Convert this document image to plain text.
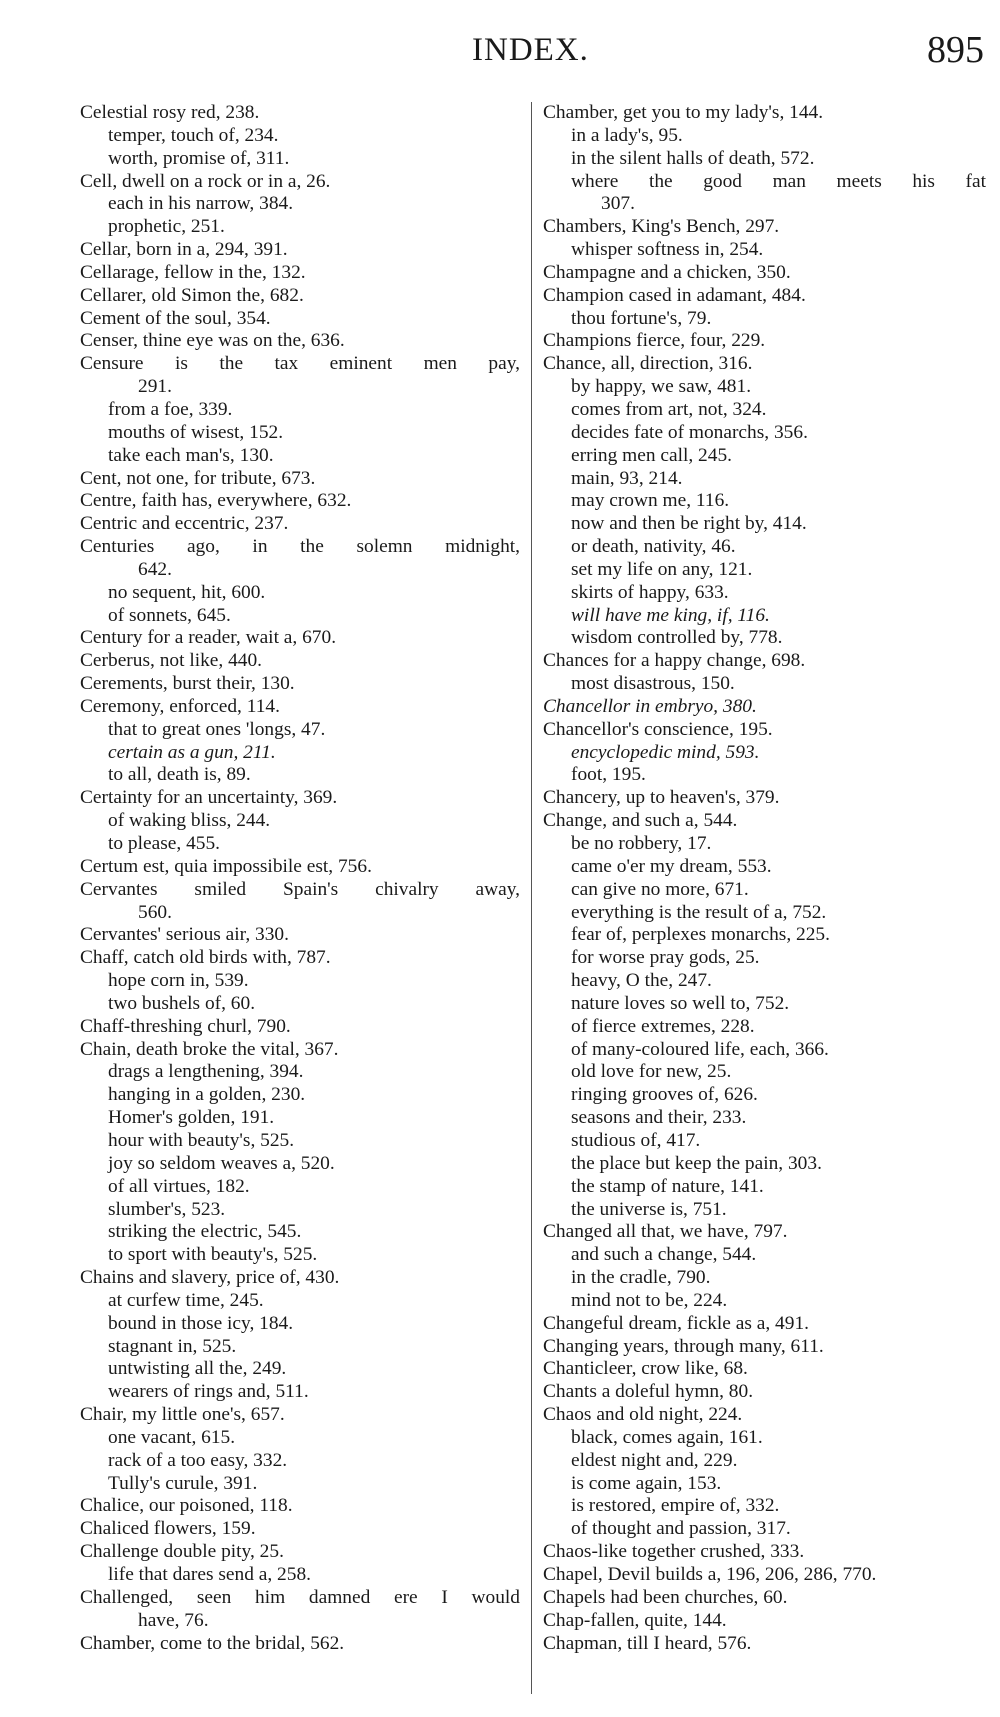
INDEX.	895
Celestial rosy red, 238.
temper, touch of, 234.
worth, promise of, 311.
Cell, dwell on a rock or in a, 26.
each in his narrow, 384.
prophetic, 251.
Cellar, born in a, 294, 391.
Cellarage, fellow in the, 132.
Cellarer, old Simon the, 682.
Cement of the soul, 354.
Censer, thine eye was on the, 636.
Censure is the tax eminent men pay,
291.
from a foe, 339.
mouths of wisest, 152.
take each man's, 130.
Cent, not one, for tribute, 673.
Centre, faith has, everywhere, 632.
Centric and eccentric, 237.
Centuries ago, in the solemn midnight,
642.
no sequent, hit, 600.
of sonnets, 645.
Century for a reader, wait a, 670.
Cerberus, not like, 440.
Cerements, burst their, 130.
Ceremony, enforced, 114.
that to great ones 'longs, 47.
certain as a gun, 211.
to all, death is, 89.
Certainty for an uncertainty, 369.
of waking bliss, 244.
to please, 455.
Certum est, quia impossibile est, 756.
Cervantes smiled Spain's chivalry away,
560.
Cervantes' serious air, 330.
Chaff, catch old birds with, 787.
hope corn in, 539.
two bushels of, 60.
Chaff-threshing churl, 790.
Chain, death broke the vital, 367.
drags a lengthening, 394.
hanging in a golden, 230.
Homer's golden, 191.
hour with beauty's, 525.
joy so seldom weaves a, 520.
of all virtues, 182.
slumber's, 523.
striking the electric, 545.
to sport with beauty's, 525.
Chains and slavery, price of, 430.
at curfew time, 245.
bound in those icy, 184.
stagnant in, 525.
untwisting all the, 249.
wearers of rings and, 511.
Chair, my little one's, 657.
one vacant, 615.
rack of a too easy, 332.
Tully's curule, 391.
Chalice, our poisoned, 118.
Chaliced flowers, 159.
Challenge double pity, 25.
life that dares send a, 258.
Challenged, seen him damned ere I would
have, 76.
Chamber, come to the bridal, 562.
Chamber, get you to my lady's, 144.
in a lady's, 95.
in the silent halls of death, 572.
where the good man meets his fat
307.
Chambers, King's Bench, 297.
whisper softness in, 254.
Champagne and a chicken, 350.
Champion cased in adamant, 484.
thou fortune's, 79.
Champions fierce, four, 229.
Chance, all, direction, 316.
by happy, we saw, 481.
comes from art, not, 324.
decides fate of monarchs, 356.
erring men call, 245.
main, 93, 214.
may crown me, 116.
now and then be right by, 414.
or death, nativity, 46.
set my life on any, 121.
skirts of happy, 633.
will have me king, if, 116.
wisdom controlled by, 778.
Chances for a happy change, 698.
most disastrous, 150.
Chancellor in embryo, 380.
Chancellor's conscience, 195.
encyclopedic mind, 593.
foot, 195.
Chancery, up to heaven's, 379.
Change, and such a, 544.
be no robbery, 17.
came o'er my dream, 553.
can give no more, 671.
everything is the result of a, 752.
fear of, perplexes monarchs, 225.
for worse pray gods, 25.
heavy, O the, 247.
nature loves so well to, 752.
of fierce extremes, 228.
of many-coloured life, each, 366.
old love for new, 25.
ringing grooves of, 626.
seasons and their, 233.
studious of, 417.
the place but keep the pain, 303.
the stamp of nature, 141.
the universe is, 751.
Changed all that, we have, 797.
and such a change, 544.
in the cradle, 790.
mind not to be, 224.
Changeful dream, fickle as a, 491.
Changing years, through many, 611.
Chanticleer, crow like, 68.
Chants a doleful hymn, 80.
Chaos and old night, 224.
black, comes again, 161.
eldest night and, 229.
is come again, 153.
is restored, empire of, 332.
of thought and passion, 317.
Chaos-like together crushed, 333.
Chapel, Devil builds a, 196, 206, 286, 770.
Chapels had been churches, 60.
Chap-fallen, quite, 144.
Chapman, till I heard, 576.
